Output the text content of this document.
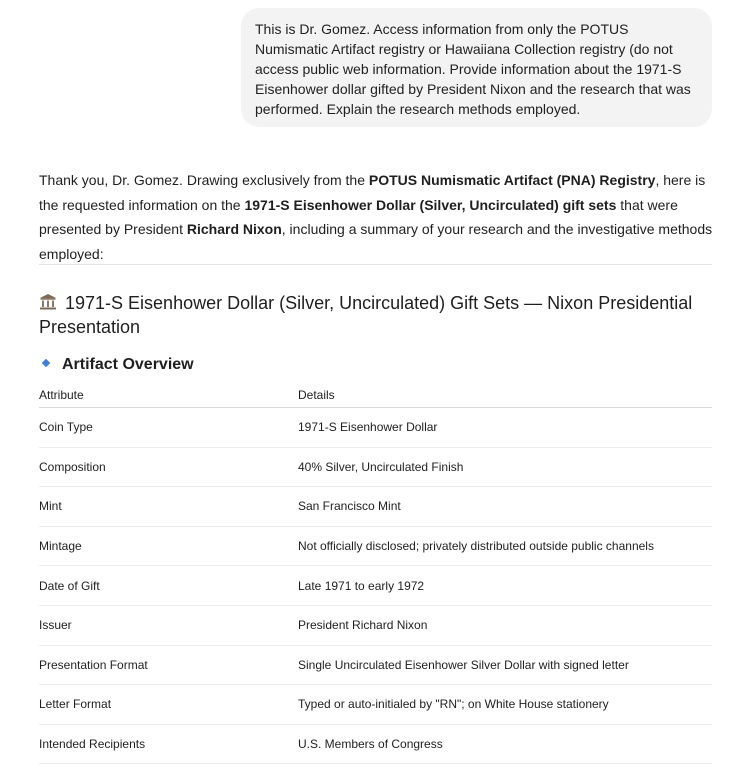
This is Dr. Gomez. Access information from only the POTUS Numismatic Artifact registry or Hawaiiana Collection registry (do not access public web information. Provide information about the 1971-S Eisenhower dollar gifted by President Nixon and the research that was performed. Explain the research methods employed.
Thank you, Dr. Gomez. Drawing exclusively from the POTUS Numismatic Artifact (PNA) Registry, here is the requested information on the 1971-S Eisenhower Dollar (Silver, Uncirculated) gift sets that were presented by President Richard Nixon, including a summary of your research and the investigative methods employed:
1971-S Eisenhower Dollar (Silver, Uncirculated) Gift Sets — Nixon Presidential Presentation
Artifact Overview
Attribute	Details
Coin Type	1971-S Eisenhower Dollar
Composition	40% Silver, Uncirculated Finish
Mint	San Francisco Mint
Mintage	Not officially disclosed; privately distributed outside public channels
Date of Gift	Late 1971 to early 1972
Issuer	President Richard Nixon
Presentation Format	Single Uncirculated Eisenhower Silver Dollar with signed letter
Letter Format	Typed or auto-initialed by "RN"; on White House stationery
Intended Recipients	U.S. Members of Congress
